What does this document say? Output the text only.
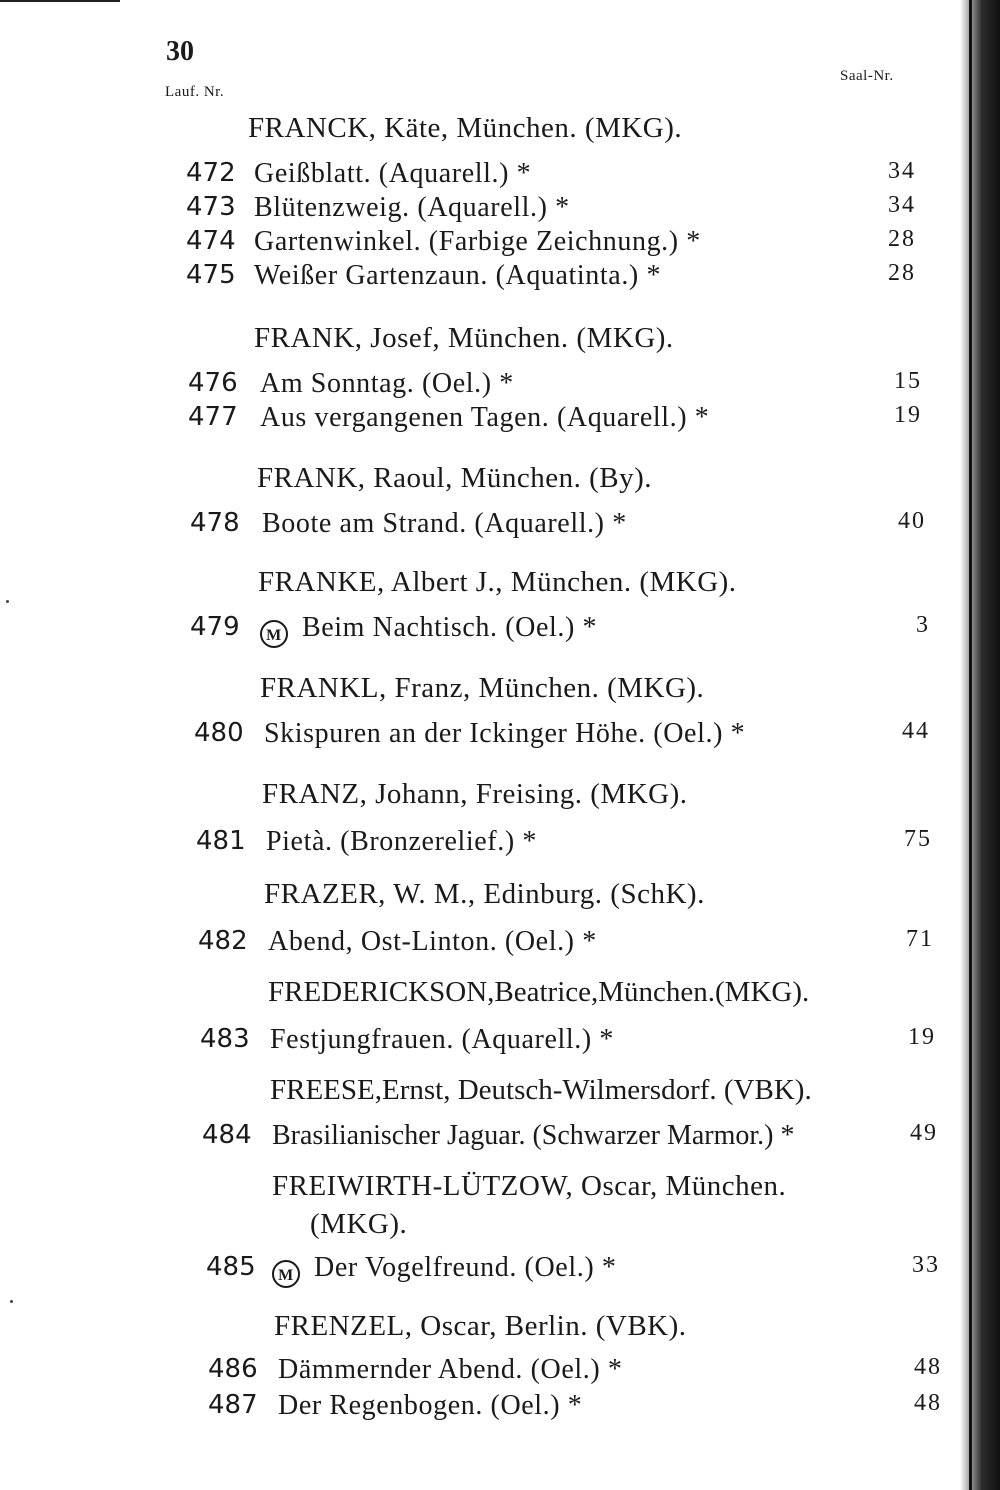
30
Lauf. Nr.
Saal-Nr.
FRANCK, Käte, München. (MKG).
472 Geißblatt. (Aquarell.) *	34
473 Blütenzweig. (Aquarell.) *	34
474 Gartenwinkel. (Farbige Zeichnung.) *	28
475 Weißer Gartenzaun. (Aquatinta.) *	28
FRANK, Josef, München. (MKG).
476 Am Sonntag. (Oel.) *	15
477 Aus vergangenen Tagen. (Aquarell.) *	19
FRANK, Raoul, München. (By).
478 Boote am Strand. (Aquarell.) *	40
FRANKE, Albert J., München. (MKG).
479	M Beim Nachtisch. (Oel.) *	3
FRANKL, Franz, München. (MKG).
480 Skispuren an der Ickinger Höhe. (Oel.) *	44
FRANZ, Johann, Freising. (MKG).
481 Pietà. (Bronzerelief.) *	75
FRAZER, W. M., Edinburg. (SchK).
482 Abend, Ost-Linton. (Oel.) *	71
FREDERICKSON,Beatrice,München.(MKG).
483 Festjungfrauen. (Aquarell.) *	19
FREESE,Ernst, Deutsch-Wilmersdorf. (VBK).
484 Brasilianischer Jaguar. (Schwarzer Marmor.) *	49
FREIWIRTH-LÜTZOW, Oscar, München.
(MKG).
485	M Der Vogelfreund. (Oel.) *	33
FRENZEL, Oscar, Berlin. (VBK).
486 Dämmernder Abend. (Oel.) *	48
487 Der Regenbogen. (Oel.) *	48
